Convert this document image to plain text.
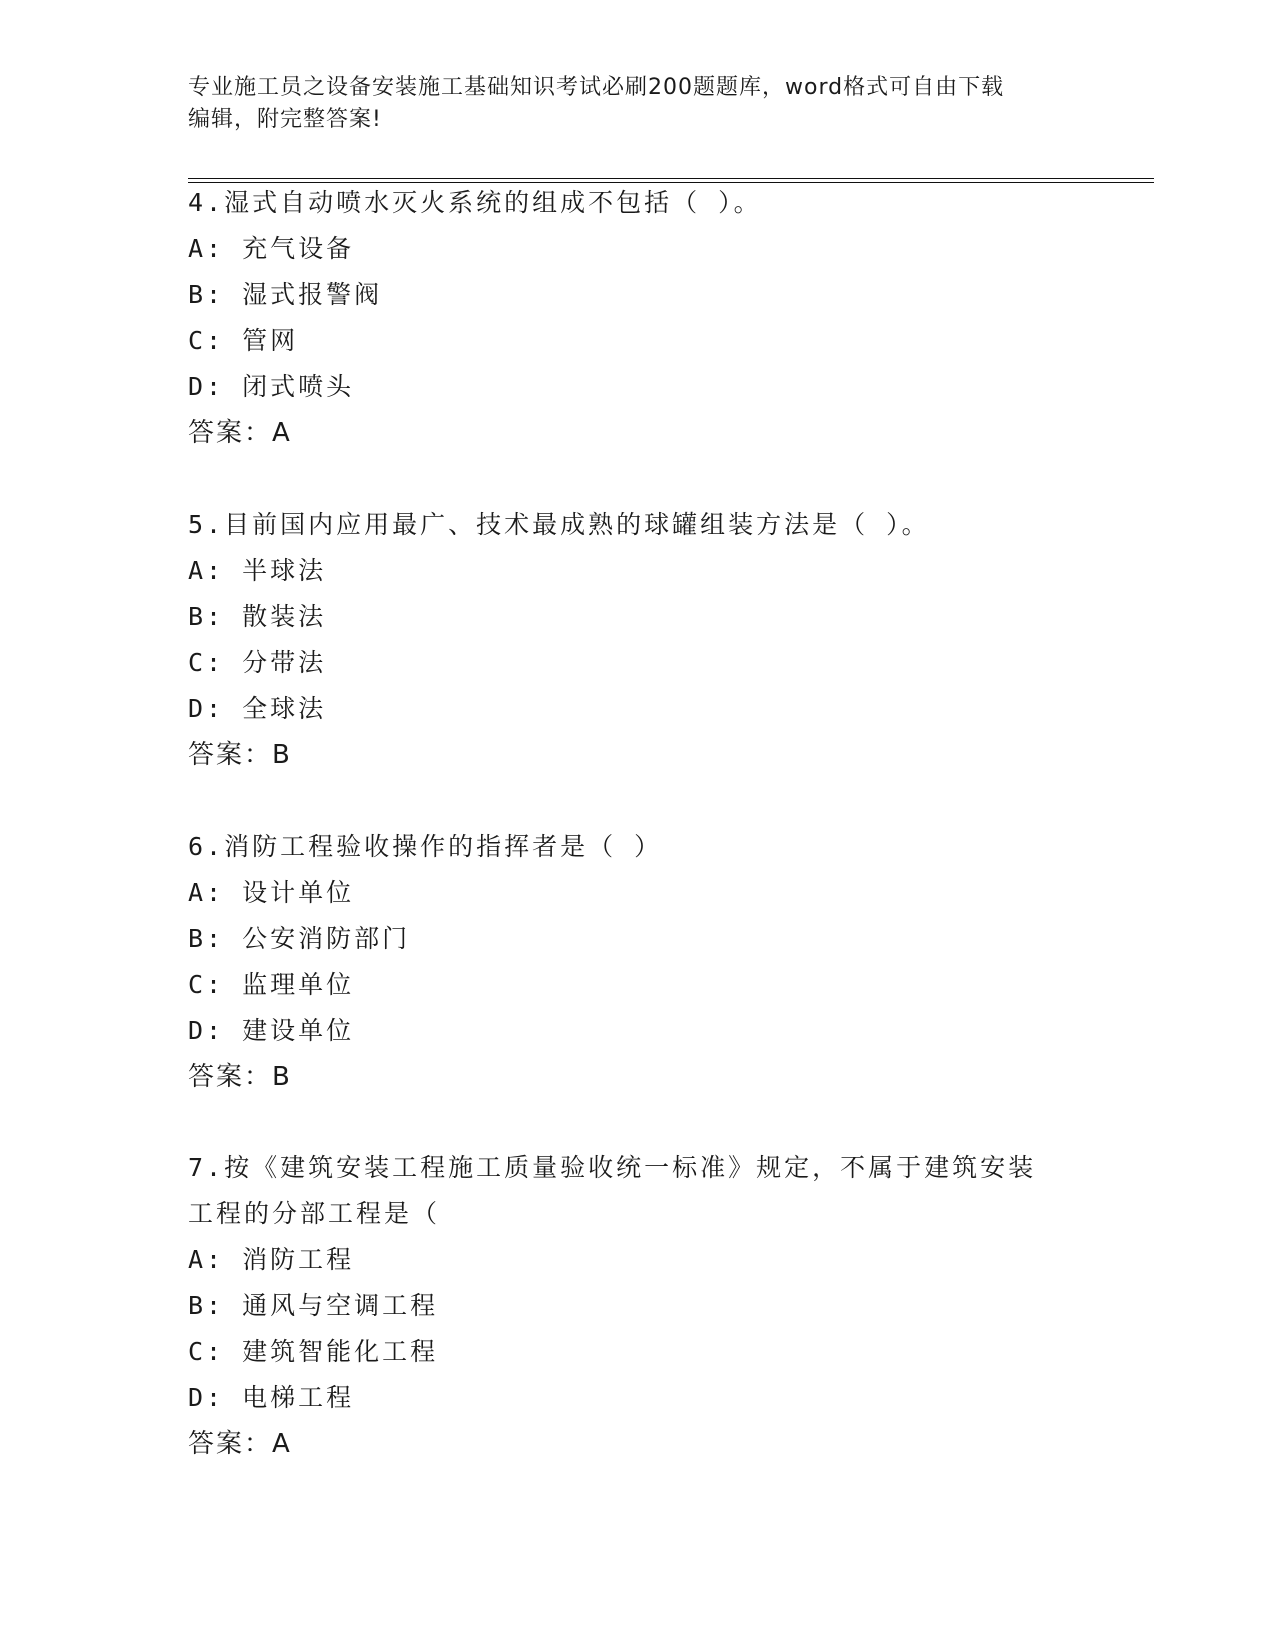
专业施工员之设备安装施工基础知识考试必刷200题题库，word格式可自由下载
编辑，附完整答案!
4.湿式自动喷水灭火系统的组成不包括（ ）。
A: 充气设备
B: 湿式报警阀
C: 管网
D: 闭式喷头
答案：A
5.目前国内应用最广、技术最成熟的球罐组装方法是（ ）。
A: 半球法
B: 散装法
C: 分带法
D: 全球法
答案：B
6.消防工程验收操作的指挥者是（ ）
A: 设计单位
B: 公安消防部门
C: 监理单位
D: 建设单位
答案：B
7.按《建筑安装工程施工质量验收统一标准》规定，不属于建筑安装
工程的分部工程是（
A: 消防工程
B: 通风与空调工程
C: 建筑智能化工程
D: 电梯工程
答案：A
